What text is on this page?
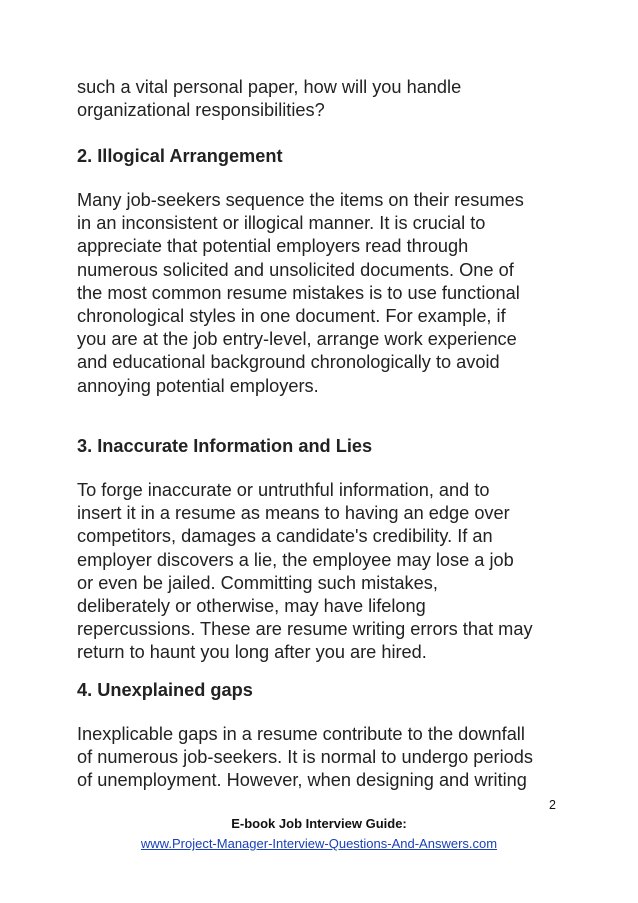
such a vital personal paper, how will you handle
organizational responsibilities?

2. Illogical Arrangement

Many job-seekers sequence the items on their resumes
in an inconsistent or illogical manner. It is crucial to
appreciate that potential employers read through
numerous solicited and unsolicited documents. One of
the most common resume mistakes is to use functional
chronological styles in one document. For example, if
you are at the job entry-level, arrange work experience
and educational background chronologically to avoid
annoying potential employers.

3. Inaccurate Information and Lies

To forge inaccurate or untruthful information, and to
insert it in a resume as means to having an edge over
competitors, damages a candidate's credibility. If an
employer discovers a lie, the employee may lose a job
or even be jailed. Committing such mistakes,
deliberately or otherwise, may have lifelong
repercussions. These are resume writing errors that may
return to haunt you long after you are hired.

4. Unexplained gaps

Inexplicable gaps in a resume contribute to the downfall
of numerous job-seekers. It is normal to undergo periods
of unemployment. However, when designing and writing

2
E-book Job Interview Guide:
www.Project-Manager-Interview-Questions-And-Answers.com
